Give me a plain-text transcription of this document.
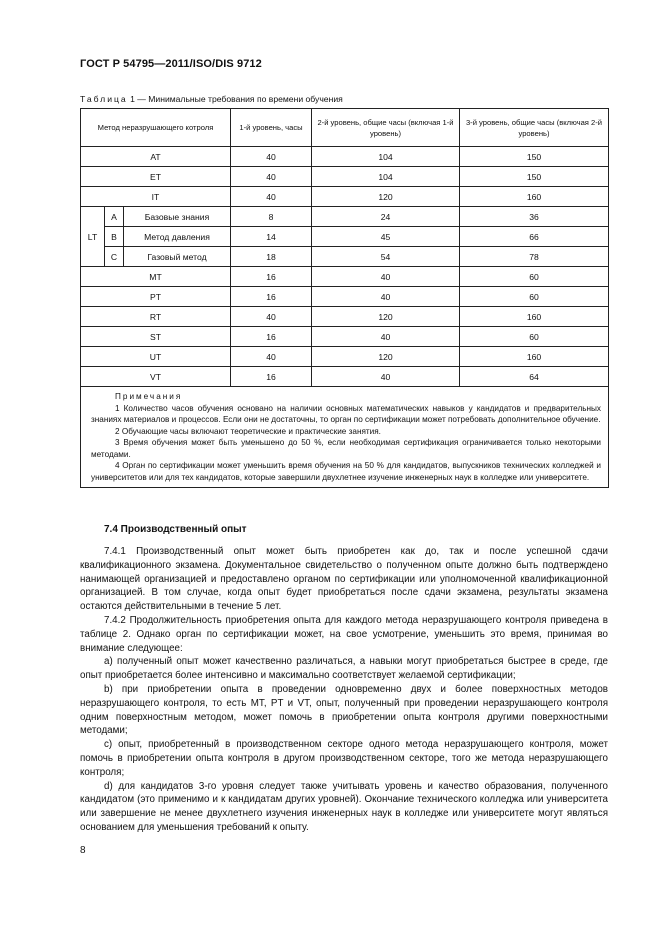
ГОСТ Р 54795—2011/ISO/DIS 9712
Таблица 1 — Минимальные требования по времени обучения
Метод неразрушающего котроля			1-й уровень, часы	2-й уровень, общие часы (включая 1-й уровень)	3-й уровень, общие часы (включая 2-й уровень)
AT			40	104	150
ET			40	104	150
IT			40	120	160
LT	A	Базовые знания	8	24	36
	B	Метод давления	14	45	66
	C	Газовый метод	18	54	78
MT			16	40	60
PT			16	40	60
RT			40	120	160
ST			16	40	60
UT			40	120	160
VT			16	40	64

Примечания

1 Количество часов обучения основано на наличии основных математических навыков у кандидатов и предварительных знаниях материалов и процессов. Если они не достаточны, то орган по сертификации может потребовать дополнительное обучение.

2 Обучающие часы включают теоретические и практические занятия.

3 Время обучения может быть уменьшено до 50 %, если необходимая сертификация ограничивается только некоторыми методами.

4 Орган по сертификации может уменьшить время обучения на 50 % для кандидатов, выпускников технических колледжей и университетов или для тех кандидатов, которые завершили двухлетнее изучение инженерных наук в колледже или университете.					

7.4 Производственный опыт

7.4.1 Производственный опыт может быть приобретен как до, так и после успешной сдачи квалификационного экзамена. Документальное свидетельство о полученном опыте должно быть подтверждено нанимающей организацией и предоставлено органом по сертификации или уполномоченной квалификационной организацией. В том случае, когда опыт будет приобретаться после сдачи экзамена, результаты экзамена остаются действительными в течение 5 лет.

7.4.2 Продолжительность приобретения опыта для каждого метода неразрушающего контроля приведена в таблице 2. Однако орган по сертификации может, на свое усмотрение, уменьшить это время, принимая во внимание следующее:

a) полученный опыт может качественно различаться, а навыки могут приобретаться быстрее в среде, где опыт приобретается более интенсивно и максимально соответствует желаемой сертификации;

b) при приобретении опыта в проведении одновременно двух и более поверхностных методов неразрушающего контроля, то есть MT, PT и VT, опыт, полученный при проведении неразрушающего контроля одним поверхностным методом, может помочь в приобретении опыта контроля другими поверхностными методами;

c) опыт, приобретенный в производственном секторе одного метода неразрушающего контроля, может помочь в приобретении опыта контроля в другом производственном секторе, того же метода неразрушающего контроля;

d) для кандидатов 3-го уровня следует также учитывать уровень и качество образования, полученного кандидатом (это применимо и к кандидатам других уровней). Окончание технического колледжа или университета или завершение не менее двухлетнего изучения инженерных наук в колледже или университете могут являться основанием для уменьшения требований к опыту.

8
